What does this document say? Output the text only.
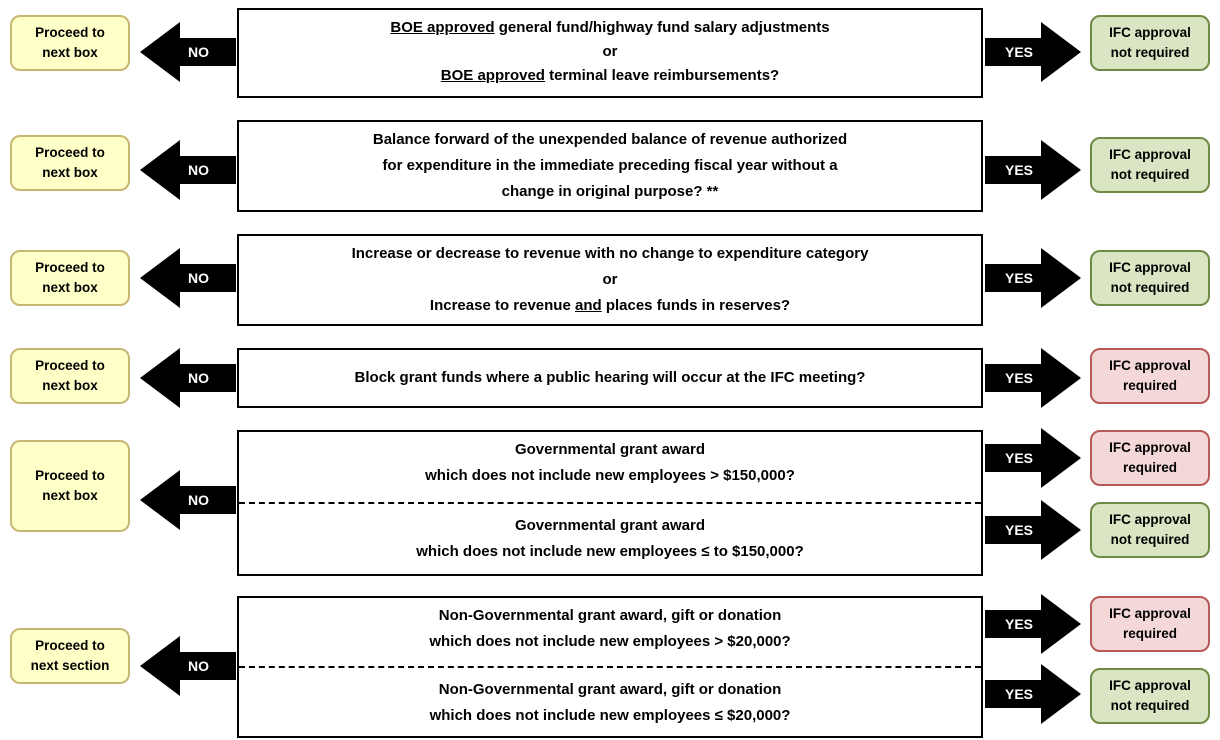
Proceed to
next box	NO
BOE approved general fund/highway fund salary adjustments
or
BOE approved terminal leave reimbursements?
YES
IFC approval
not required
Proceed to
next box	NO
Balance forward of the unexpended balance of revenue authorized
for expenditure in the immediate preceding fiscal year without a
change in original purpose? **
YES
IFC approval
not required
Proceed to
next box
NO
Increase or decrease to revenue with no change to expenditure category
or
Increase to revenue and places funds in reserves?
YES
IFC approval
not required
Proceed to
next box	NO	Block grant funds where a public hearing will occur at the IFC meeting?	YES
IFC approval
required
Proceed to
next box	NO
Governmental grant award
which does not include new employees > $150,000?
Governmental grant award
which does not include new employees ≤ to $150,000?
YES
IFC approval
required
YES
IFC approval
not required
Proceed to
next section	NO
Non-Governmental grant award, gift or donation
which does not include new employees > $20,000?
Non-Governmental grant award, gift or donation
which does not include new employees ≤ $20,000?
YES
IFC approval
required
YES
IFC approval
not required
